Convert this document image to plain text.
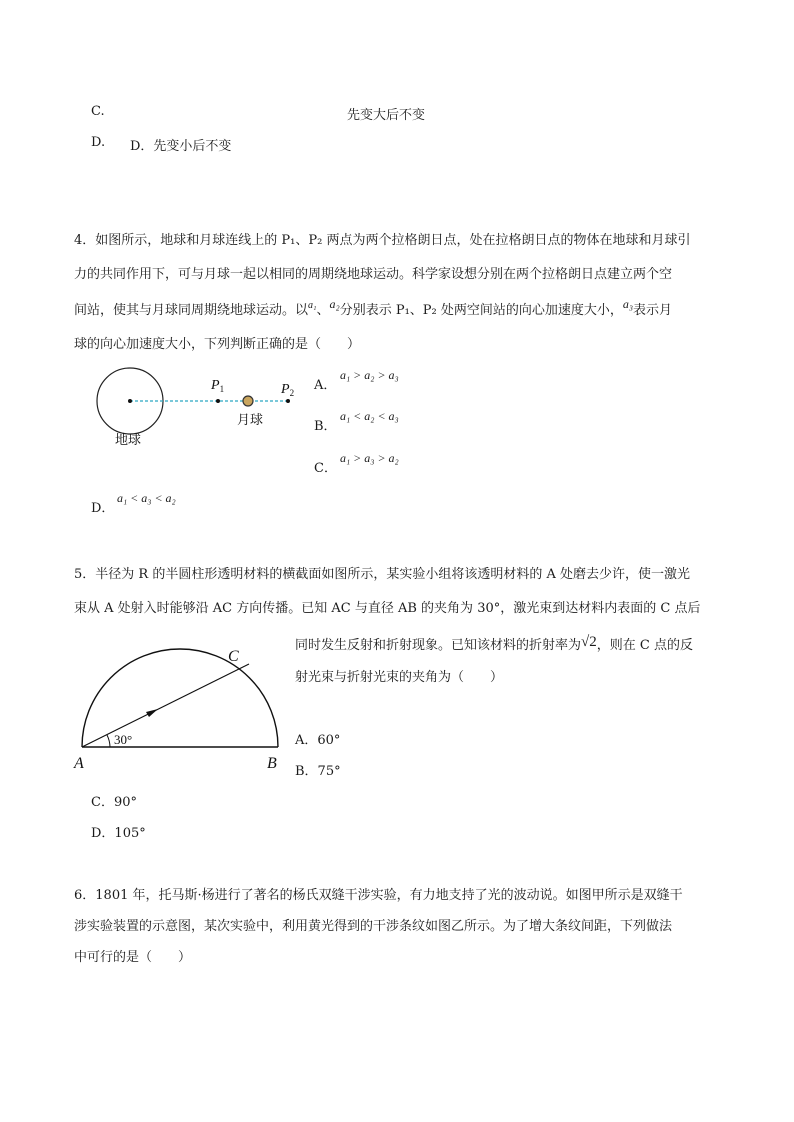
C.	先变大后不变
D. D．先变小后不变
4．如图所示，地球和月球连线上的 P₁、P₂ 两点为两个拉格朗日点，处在拉格朗日点的物体在地球和月球引
力的共同作用下，可与月球一起以相同的周期绕地球运动。科学家设想分别在两个拉格朗日点建立两个空
间站，使其与月球同周期绕地球运动。以$^{a_1}$、a₂分别表示 P₁、P₂ 处两空间站的向心加速度大小，a₃表示月
球的向心加速度大小，下列判断正确的是（　　）
$P_1$	$P_2$
月球
地球
A．
a₁ > a₂ > a₃
B．
a₁ < a₂ < a₃
C．
a₁ > a₃ > a₂
D．
a₁ < a₃ < a₂
5．半径为 R 的半圆柱形透明材料的横截面如图所示，某实验小组将该透明材料的 A 处磨去少许，使一激光
束从 A 处射入时能够沿 AC 方向传播。已知 AC 与直径 AB 的夹角为 30°，激光束到达材料内表面的 C 点后
同时发生反射和折射现象。已知该材料的折射率为√2，则在 C 点的反
射光束与折射光束的夹角为（　　）
30°
A	B
C
A．60°
B．75°
C．90°
D．105°
6．1801 年，托马斯·杨进行了著名的杨氏双缝干涉实验，有力地支持了光的波动说。如图甲所示是双缝干
涉实验装置的示意图，某次实验中，利用黄光得到的干涉条纹如图乙所示。为了增大条纹间距，下列做法
中可行的是（　　）
